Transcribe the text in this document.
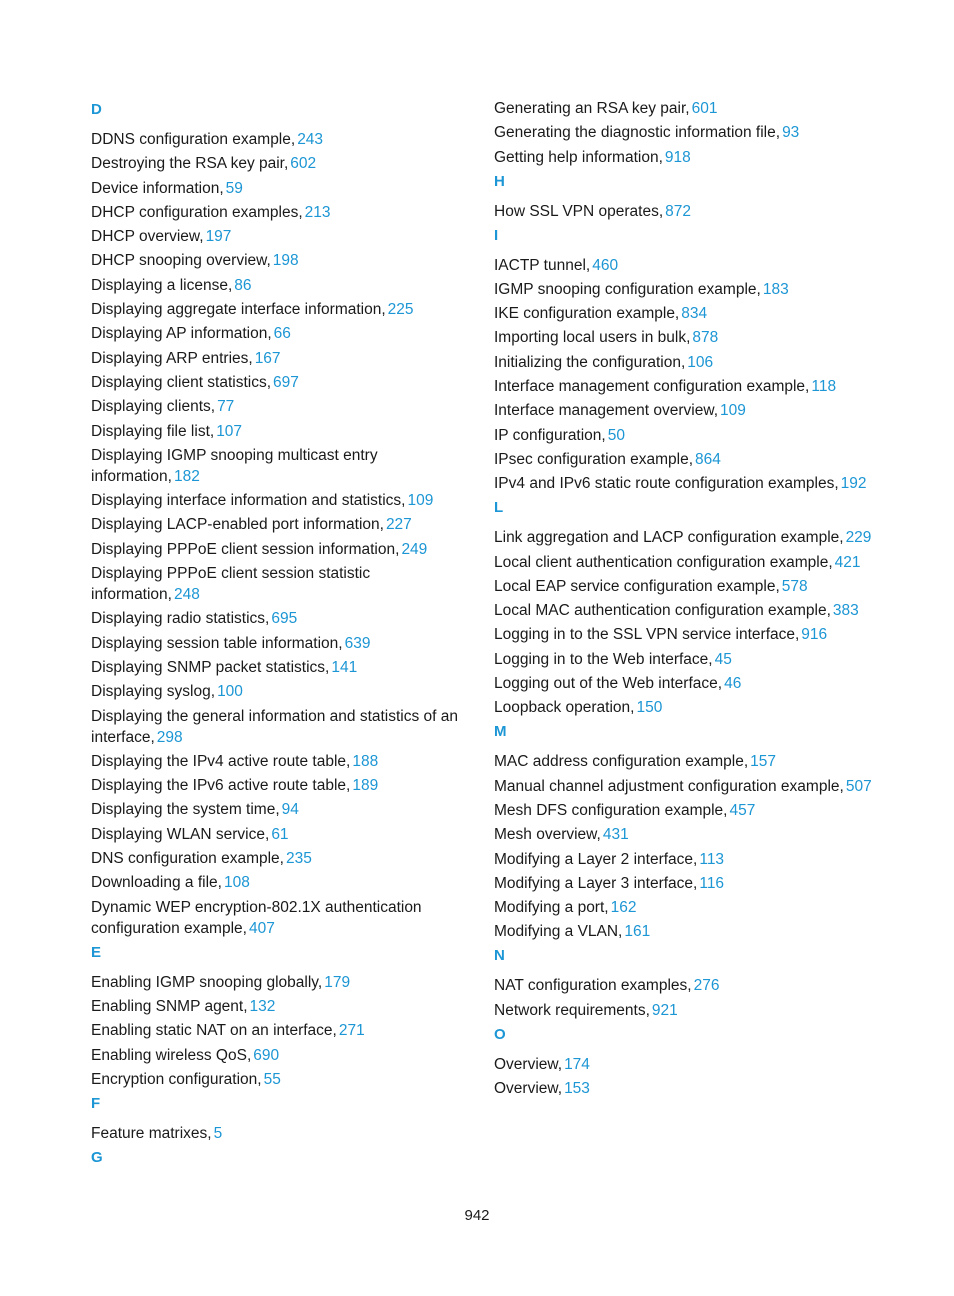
D
DDNS configuration example, 243
Destroying the RSA key pair, 602
Device information, 59
DHCP configuration examples, 213
DHCP overview, 197
DHCP snooping overview, 198
Displaying a license, 86
Displaying aggregate interface information, 225
Displaying AP information, 66
Displaying ARP entries, 167
Displaying client statistics, 697
Displaying clients, 77
Displaying file list, 107
Displaying IGMP snooping multicast entry information, 182
Displaying interface information and statistics, 109
Displaying LACP-enabled port information, 227
Displaying PPPoE client session information, 249
Displaying PPPoE client session statistic information, 248
Displaying radio statistics, 695
Displaying session table information, 639
Displaying SNMP packet statistics, 141
Displaying syslog, 100
Displaying the general information and statistics of an interface, 298
Displaying the IPv4 active route table, 188
Displaying the IPv6 active route table, 189
Displaying the system time, 94
Displaying WLAN service, 61
DNS configuration example, 235
Downloading a file, 108
Dynamic WEP encryption-802.1X authentication configuration example, 407
E
Enabling IGMP snooping globally, 179
Enabling SNMP agent, 132
Enabling static NAT on an interface, 271
Enabling wireless QoS, 690
Encryption configuration, 55
F
Feature matrixes, 5
G
Generating an RSA key pair, 601
Generating the diagnostic information file, 93
Getting help information, 918
H
How SSL VPN operates, 872
I
IACTP tunnel, 460
IGMP snooping configuration example, 183
IKE configuration example, 834
Importing local users in bulk, 878
Initializing the configuration, 106
Interface management configuration example, 118
Interface management overview, 109
IP configuration, 50
IPsec configuration example, 864
IPv4 and IPv6 static route configuration examples, 192
L
Link aggregation and LACP configuration example, 229
Local client authentication configuration example, 421
Local EAP service configuration example, 578
Local MAC authentication configuration example, 383
Logging in to the SSL VPN service interface, 916
Logging in to the Web interface, 45
Logging out of the Web interface, 46
Loopback operation, 150
M
MAC address configuration example, 157
Manual channel adjustment configuration example, 507
Mesh DFS configuration example, 457
Mesh overview, 431
Modifying a Layer 2 interface, 113
Modifying a Layer 3 interface, 116
Modifying a port, 162
Modifying a VLAN, 161
N
NAT configuration examples, 276
Network requirements, 921
O
Overview, 174
Overview, 153
942
